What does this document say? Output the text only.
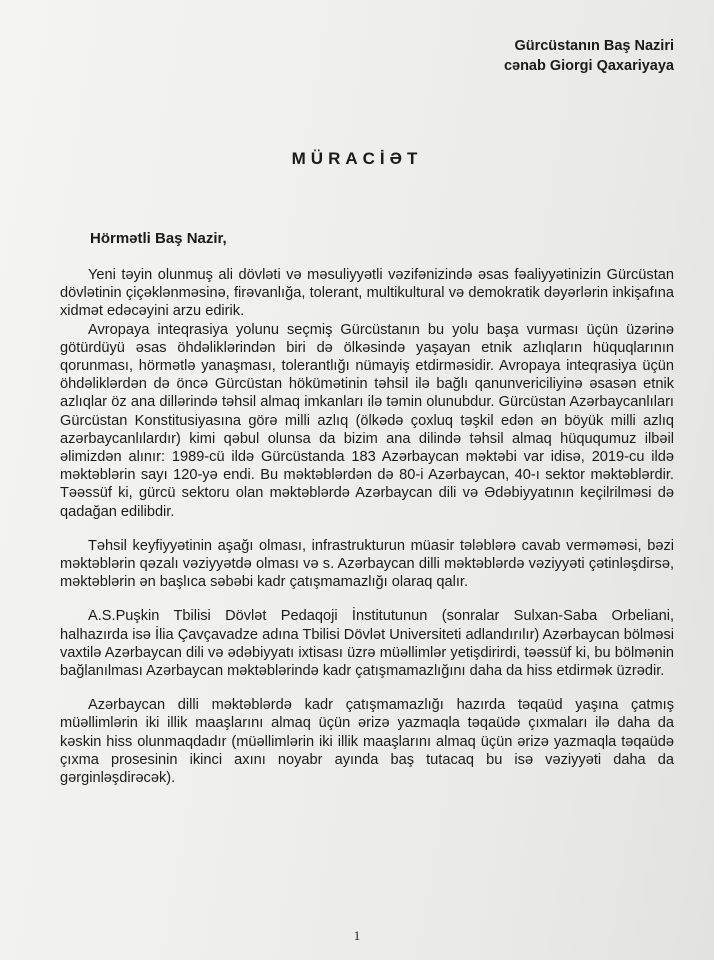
Gürcüstanın Baş Naziri
cənab Giorgi Qaxariyaya
MÜRACİƏT
Hörmətli Baş Nazir,

Yeni təyin olunmuş ali dövləti və məsuliyyətli vəzifənizində əsas fəaliyyətinizin Gürcüstan dövlətinin çiçəklənməsinə, firəvanlığa, tolerant, multikultural və demokratik dəyərlərin inkişafına xidmət edəcəyini arzu edirik.

Avropaya inteqrasiya yolunu seçmiş Gürcüstanın bu yolu başa vurması üçün üzərinə götürdüyü əsas öhdəliklərindən biri də ölkəsində yaşayan etnik azlıqların hüquqlarının qorunması, hörmətlə yanaşması, tolerantlığı nümayiş etdirməsidir. Avropaya inteqrasiya üçün öhdəliklərdən də öncə Gürcüstan hökümətinin təhsil ilə bağlı qanunvericiliyinə əsasən etnik azlıqlar öz ana dillərində təhsil almaq imkanları ilə təmin olunubdur. Gürcüstan Azərbaycanlıları Gürcüstan Konstitusiyasına görə milli azlıq (ölkədə çoxluq təşkil edən ən böyük milli azlıq azərbaycanlılardır) kimi qəbul olunsa da bizim ana dilində təhsil almaq hüququmuz ilbəil əlimizdən alınır: 1989-cü ildə Gürcüstanda 183 Azərbaycan məktəbi var idisə, 2019-cu ildə məktəblərin sayı 120-yə endi. Bu məktəblərdən də 80-i Azərbaycan, 40-ı sektor məktəblərdir. Təəssüf ki, gürcü sektoru olan məktəblərdə Azərbaycan dili və Ədəbiyyatının keçilrilməsi də qadağan edilibdir.

Təhsil keyfiyyətinin aşağı olması, infrastrukturun müasir tələblərə cavab verməməsi, bəzi məktəblərin qəzalı vəziyyətdə olması və s. Azərbaycan dilli məktəblərdə vəziyyəti çətinləşdirsə, məktəblərin ən başlıca səbəbi kadr çatışmamazlığı olaraq qalır.

A.S.Puşkin Tbilisi Dövlət Pedaqoji İnstitutunun (sonralar Sulxan-Saba Orbeliani, halhazırda isə İlia Çavçavadze adına Tbilisi Dövlət Universiteti adlandırılır) Azərbaycan bölməsi vaxtilə Azərbaycan dili və ədəbiyyatı ixtisası üzrə müəllimlər yetişdirirdi, təəssüf ki, bu bölmənin bağlanılması Azərbaycan məktəblərində kadr çatışmamazlığını daha da hiss etdirmək üzrədir.

Azərbaycan dilli məktəblərdə kadr çatışmamazlığı hazırda təqaüd yaşına çatmış müəllimlərin iki illik maaşlarını almaq üçün ərizə yazmaqla təqaüdə çıxmaları ilə daha da kəskin hiss olunmaqdadır (müəllimlərin iki illik maaşlarını almaq üçün ərizə yazmaqla təqaüdə çıxma prosesinin ikinci axını noyabr ayında baş tutacaq bu isə vəziyyəti daha da gərginləşdirəcək).

1
